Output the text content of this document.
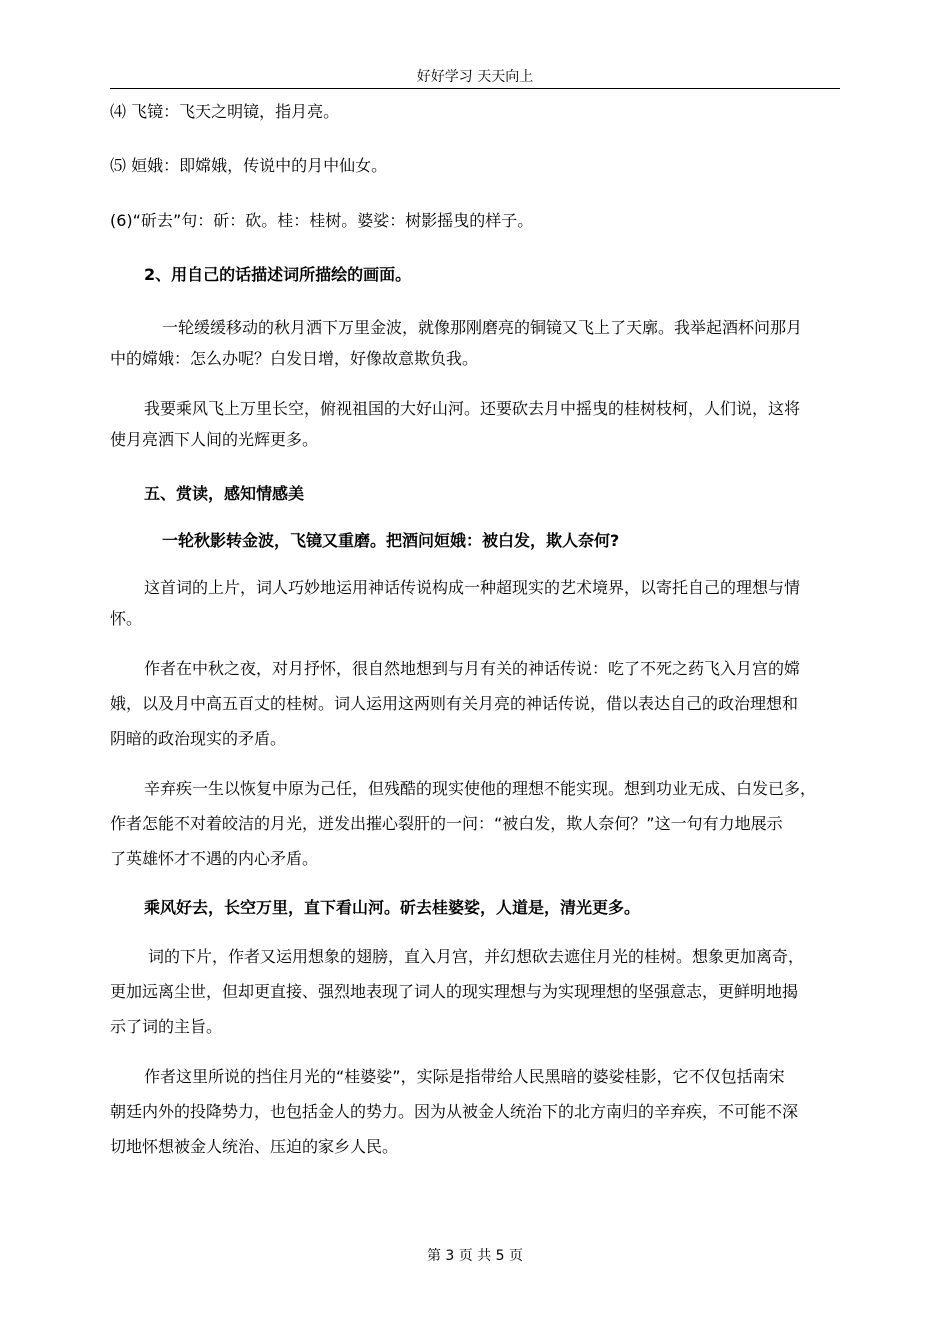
好好学习 天天向上

⑷ 飞镜：飞天之明镜，指月亮。

⑸ 姮娥：即嫦娥，传说中的月中仙女。

(6)“斫去”句：斫：砍。桂：桂树。婆娑：树影摇曳的样子。

2、用自己的话描述词所描绘的画面。

一轮缓缓移动的秋月洒下万里金波，就像那刚磨亮的铜镜又飞上了天廓。我举起酒杯问那月

中的嫦娥：怎么办呢？白发日增，好像故意欺负我。

我要乘风飞上万里长空，俯视祖国的大好山河。还要砍去月中摇曳的桂树枝柯，人们说，这将

使月亮洒下人间的光辉更多。

五、赏读，感知情感美

一轮秋影转金波，飞镜又重磨。把酒问姮娥：被白发，欺人奈何?

这首词的上片，词人巧妙地运用神话传说构成一种超现实的艺术境界，以寄托自己的理想与情

怀。

作者在中秋之夜，对月抒怀，很自然地想到与月有关的神话传说：吃了不死之药飞入月宫的嫦

娥，以及月中高五百丈的桂树。词人运用这两则有关月亮的神话传说，借以表达自己的政治理想和

阴暗的政治现实的矛盾。

辛弃疾一生以恢复中原为己任，但残酷的现实使他的理想不能实现。想到功业无成、白发已多，

作者怎能不对着皎洁的月光，迸发出摧心裂肝的一问：“被白发，欺人奈何？”这一句有力地展示

了英雄怀才不遇的内心矛盾。

乘风好去，长空万里，直下看山河。斫去桂婆娑，人道是，清光更多。

词的下片，作者又运用想象的翅膀，直入月宫，并幻想砍去遮住月光的桂树。想象更加离奇，

更加远离尘世，但却更直接、强烈地表现了词人的现实理想与为实现理想的坚强意志，更鲜明地揭

示了词的主旨。

作者这里所说的挡住月光的“桂婆娑”，实际是指带给人民黑暗的婆娑桂影，它不仅包括南宋

朝廷内外的投降势力，也包括金人的势力。因为从被金人统治下的北方南归的辛弃疾，不可能不深

切地怀想被金人统治、压迫的家乡人民。

第 3 页 共 5 页
